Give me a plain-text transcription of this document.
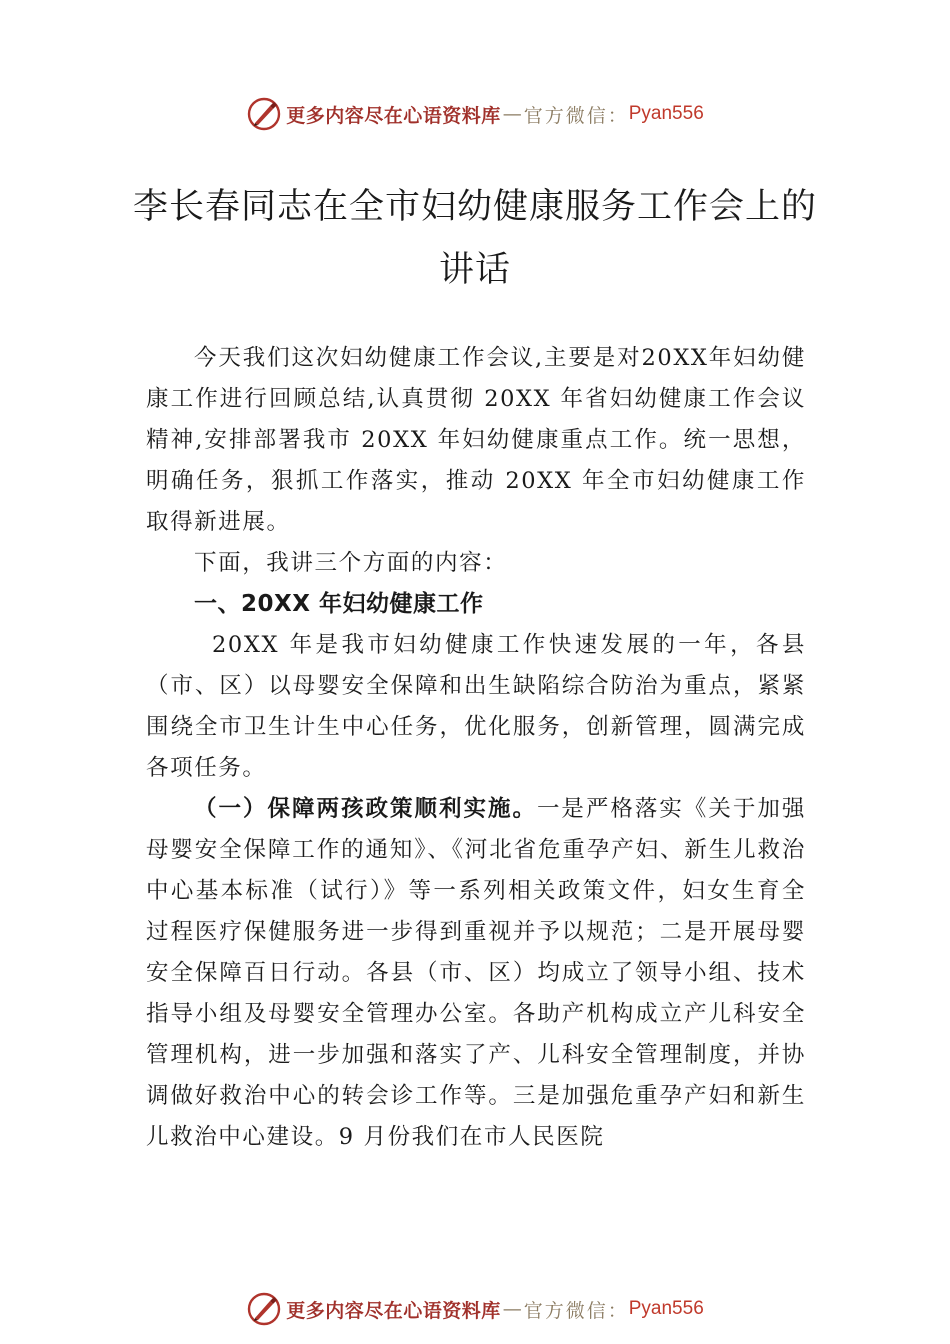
更多内容尽在心语资料库 — 官方微信： Pyan556
李长春同志在全市妇幼健康服务工作会上的讲话

今天我们这次妇幼健康工作会议,主要是对20XX年妇幼健康工作进行回顾总结,认真贯彻 20XX 年省妇幼健康工作会议精神,安排部署我市 20XX 年妇幼健康重点工作。统一思想，明确任务，狠抓工作落实，推动 20XX 年全市妇幼健康工作取得新进展。

下面，我讲三个方面的内容：

一、20XX 年妇幼健康工作

20XX 年是我市妇幼健康工作快速发展的一年，各县（市、区）以母婴安全保障和出生缺陷综合防治为重点，紧紧围绕全市卫生计生中心任务，优化服务，创新管理，圆满完成各项任务。

（一）保障两孩政策顺利实施。一是严格落实《关于加强母婴安全保障工作的通知》、《河北省危重孕产妇、新生儿救治中心基本标准（试行）》等一系列相关政策文件，妇女生育全过程医疗保健服务进一步得到重视并予以规范；二是开展母婴安全保障百日行动。各县（市、区）均成立了领导小组、技术指导小组及母婴安全管理办公室。各助产机构成立产儿科安全管理机构，进一步加强和落实了产、儿科安全管理制度，并协调做好救治中心的转会诊工作等。三是加强危重孕产妇和新生儿救治中心建设。9 月份我们在市人民医院

更多内容尽在心语资料库 — 官方微信： Pyan556
